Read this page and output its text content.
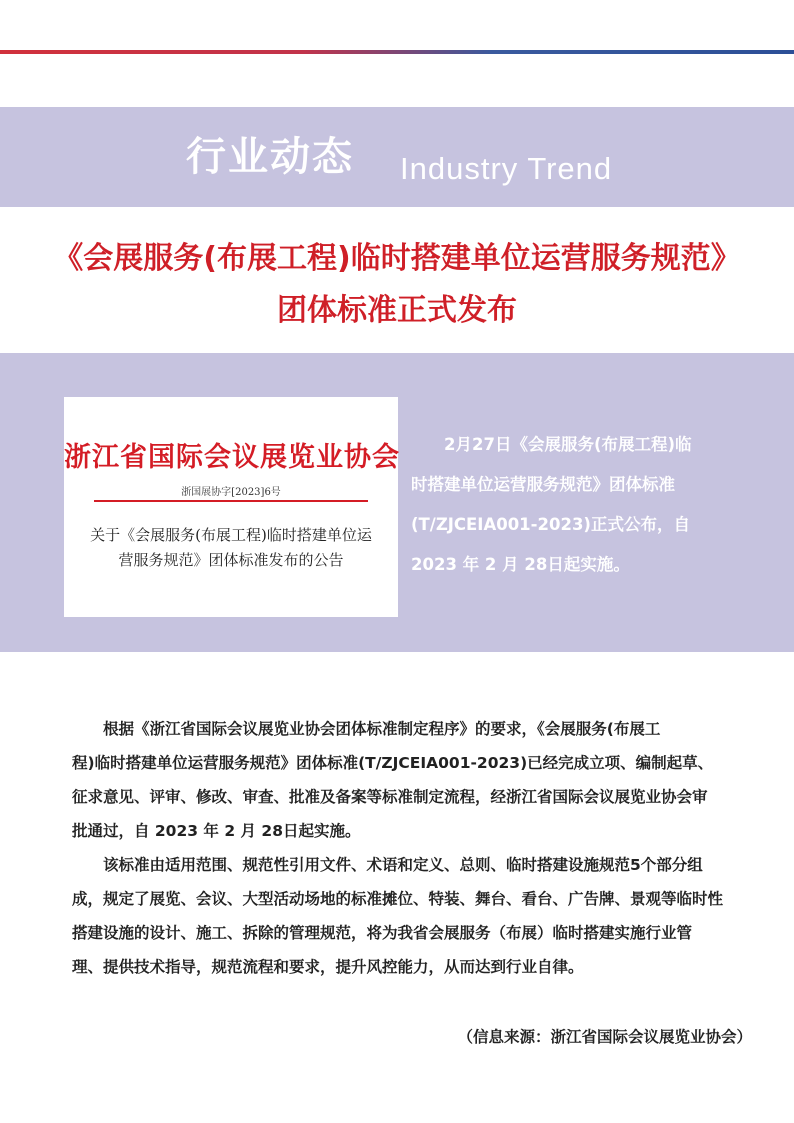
行业动态 Industry Trend
《会展服务(布展工程)临时搭建单位运营服务规范》
团体标准正式发布
浙江省国际会议展览业协会
浙国展协字[2023]6号
关于《会展服务(布展工程)临时搭建单位运
营服务规范》团体标准发布的公告
　　2月27日《会展服务(布展工程)临
时搭建单位运营服务规范》团体标准
(T/ZJCEIA001-2023)正式公布，自
2023 年 2 月 28日起实施。
　　根据《浙江省国际会议展览业协会团体标准制定程序》的要求，《会展服务(布展工
程)临时搭建单位运营服务规范》团体标准(T/ZJCEIA001-2023)已经完成立项、编制起草、
征求意见、评审、修改、审查、批准及备案等标准制定流程，经浙江省国际会议展览业协会审
批通过，自 2023 年 2 月 28日起实施。
　　该标准由适用范围、规范性引用文件、术语和定义、总则、临时搭建设施规范5个部分组
成，规定了展览、会议、大型活动场地的标准摊位、特装、舞台、看台、广告牌、景观等临时性
搭建设施的设计、施工、拆除的管理规范，将为我省会展服务（布展）临时搭建实施行业管
理、提供技术指导，规范流程和要求，提升风控能力，从而达到行业自律。
（信息来源：浙江省国际会议展览业协会）
